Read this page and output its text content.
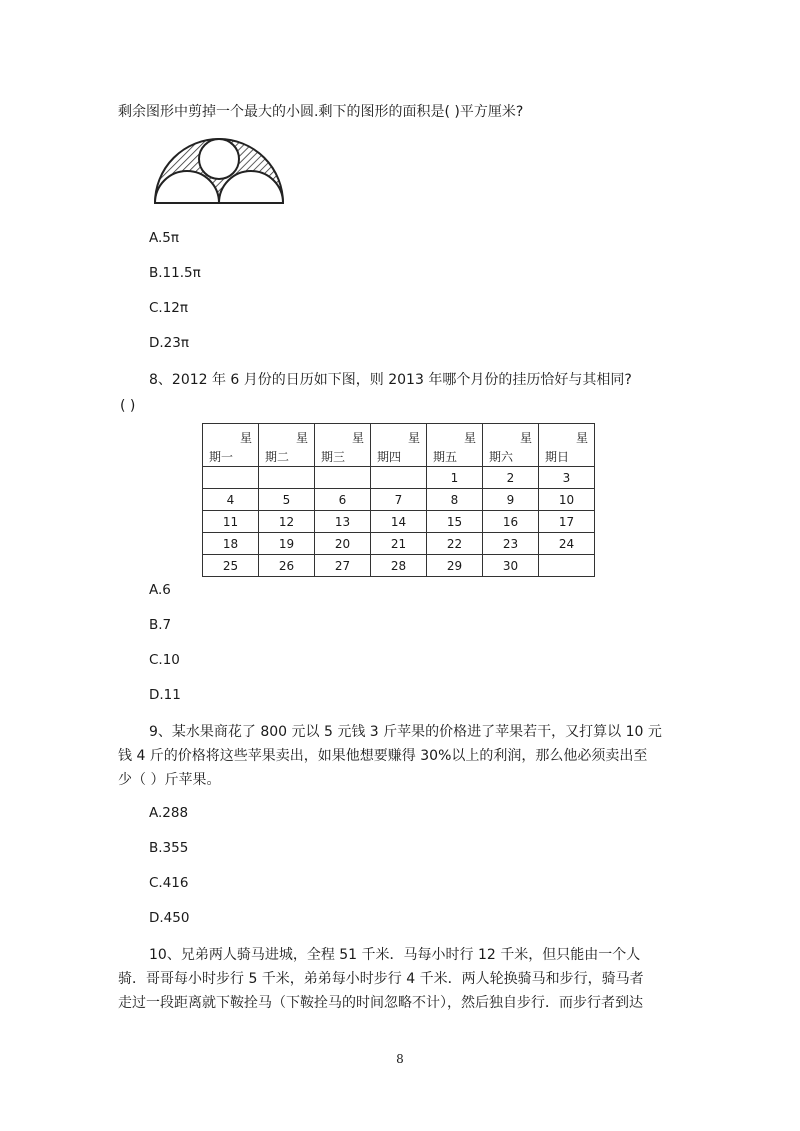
剩余图形中剪掉一个最大的小圆.剩下的图形的面积是( )平方厘米?
A.5π
B.11.5π
C.12π
D.23π
8、2012 年 6 月份的日历如下图，则 2013 年哪个月份的挂历恰好与其相同?
( )
星
期一	星
期二	星
期三	星
期四	星
期五	星
期六	星
期日

				1	2	3
4	5	6	7	8	9	10
11	12	13	14	15	16	17
18	19	20	21	22	23	24
25	26	27	28	29	30	
A.6
B.7
C.10
D.11
9、某水果商花了 800 元以 5 元钱 3 斤苹果的价格进了苹果若干，又打算以 10 元
钱 4 斤的价格将这些苹果卖出，如果他想要赚得 30%以上的利润，那么他必须卖出至
少（ ）斤苹果。
A.288
B.355
C.416
D.450
10、兄弟两人骑马进城，全程 51 千米．马每小时行 12 千米，但只能由一个人
骑．哥哥每小时步行 5 千米，弟弟每小时步行 4 千米．两人轮换骑马和步行，骑马者
走过一段距离就下鞍拴马（下鞍拴马的时间忽略不计），然后独自步行．而步行者到达
8
